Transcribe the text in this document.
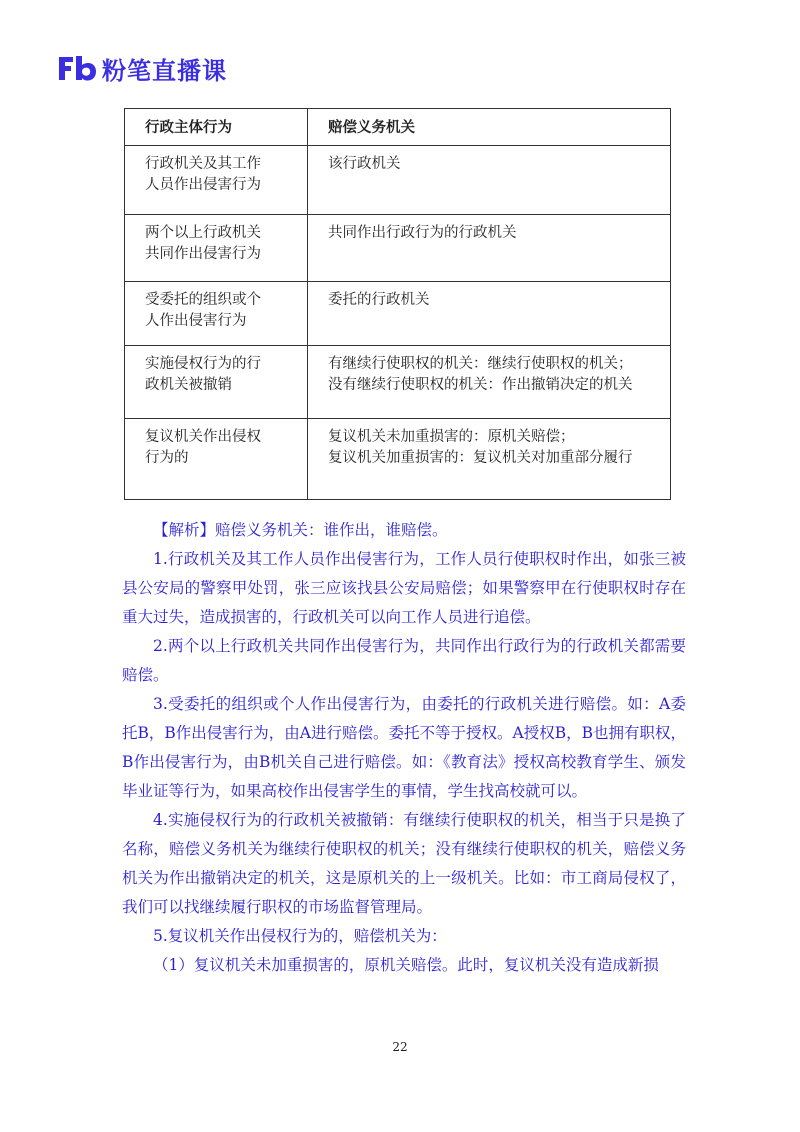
粉笔直播课
行政主体行为	赔偿义务机关
行政机关及其工作
人员作出侵害行为	该行政机关
两个以上行政机关
共同作出侵害行为	共同作出行政行为的行政机关
受委托的组织或个
人作出侵害行为	委托的行政机关
实施侵权行为的行
政机关被撤销	有继续行使职权的机关：继续行使职权的机关；
没有继续行使职权的机关：作出撤销决定的机关
复议机关作出侵权
行为的	复议机关未加重损害的：原机关赔偿；
复议机关加重损害的：复议机关对加重部分履行

【解析】赔偿义务机关：谁作出，谁赔偿。

1.行政机关及其工作人员作出侵害行为，工作人员行使职权时作出，如张三被县公安局的警察甲处罚，张三应该找县公安局赔偿；如果警察甲在行使职权时存在重大过失，造成损害的，行政机关可以向工作人员进行追偿。

2.两个以上行政机关共同作出侵害行为，共同作出行政行为的行政机关都需要赔偿。

3.受委托的组织或个人作出侵害行为，由委托的行政机关进行赔偿。如：A委托B，B作出侵害行为，由A进行赔偿。委托不等于授权。A授权B，B也拥有职权，B作出侵害行为，由B机关自己进行赔偿。如：《教育法》授权高校教育学生、颁发毕业证等行为，如果高校作出侵害学生的事情，学生找高校就可以。

4.实施侵权行为的行政机关被撤销：有继续行使职权的机关，相当于只是换了名称，赔偿义务机关为继续行使职权的机关；没有继续行使职权的机关，赔偿义务机关为作出撤销决定的机关，这是原机关的上一级机关。比如：市工商局侵权了，我们可以找继续履行职权的市场监督管理局。

5.复议机关作出侵权行为的，赔偿机关为：

（1）复议机关未加重损害的，原机关赔偿。此时，复议机关没有造成新损

22
